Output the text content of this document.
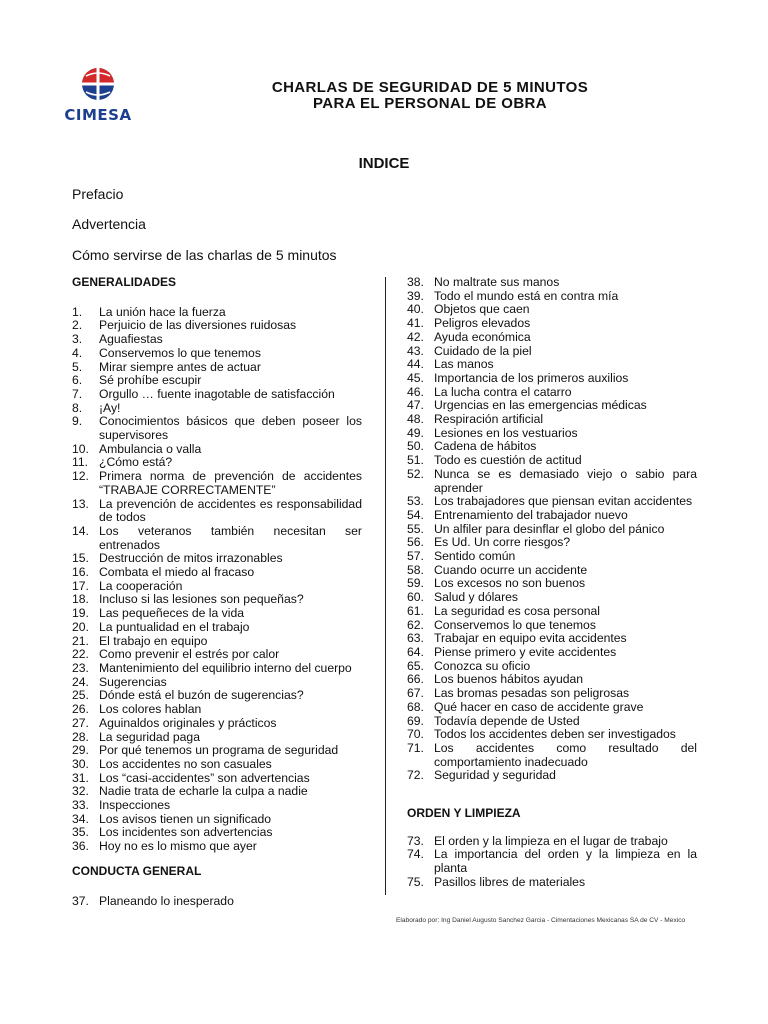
CIMESA
CHARLAS DE SEGURIDAD DE 5 MINUTOS
PARA EL PERSONAL DE OBRA
INDICE
Prefacio
Advertencia
Cómo servirse de las charlas de 5 minutos
GENERALIDADES
1.	La unión hace la fuerza
2.	Perjuicio de las diversiones ruidosas
3.	Aguafiestas
4.	Conservemos lo que tenemos
5.	Mirar siempre antes de actuar
6.	Sé prohíbe escupir
7.	Orgullo … fuente inagotable de satisfacción
8.	¡Ay!
9.	Conocimientos básicos que deben poseer los supervisores
10. Ambulancia o valla
11. ¿Cómo está?
12. Primera norma de prevención de accidentes “TRABAJE CORRECTAMENTE”
13. La prevención de accidentes es responsabilidad de todos
14. Los veteranos también necesitan ser entrenados
15. Destrucción de mitos irrazonables
16. Combata el miedo al fracaso
17. La cooperación
18. Incluso si las lesiones son pequeñas?
19. Las pequeñeces de la vida
20. La puntualidad en el trabajo
21. El trabajo en equipo
22. Como prevenir el estrés por calor
23. Mantenimiento del equilibrio interno del cuerpo
24. Sugerencias
25. Dónde está el buzón de sugerencias?
26. Los colores hablan
27. Aguinaldos originales y prácticos
28. La seguridad paga
29. Por qué tenemos un programa de seguridad
30. Los accidentes no son casuales
31. Los “casi-accidentes” son advertencias
32. Nadie trata de echarle la culpa a nadie
33. Inspecciones
34. Los avisos tienen un significado
35. Los incidentes son advertencias
36. Hoy no es lo mismo que ayer
CONDUCTA GENERAL
37. Planeando lo inesperado
38. No maltrate sus manos
39. Todo el mundo está en contra mía
40. Objetos que caen
41. Peligros elevados
42. Ayuda económica
43. Cuidado de la piel
44. Las manos
45. Importancia de los primeros auxilios
46. La lucha contra el catarro
47. Urgencias en las emergencias médicas
48. Respiración artificial
49. Lesiones en los vestuarios
50. Cadena de hábitos
51. Todo es cuestión de actitud
52. Nunca se es demasiado viejo o sabio para aprender
53. Los trabajadores que piensan evitan accidentes
54. Entrenamiento del trabajador nuevo
55. Un alfiler para desinflar el globo del pánico
56. Es Ud. Un corre riesgos?
57. Sentido común
58. Cuando ocurre un accidente
59. Los excesos no son buenos
60. Salud y dólares
61. La seguridad es cosa personal
62. Conservemos lo que tenemos
63. Trabajar en equipo evita accidentes
64. Piense primero y evite accidentes
65. Conozca su oficio
66. Los buenos hábitos ayudan
67. Las bromas pesadas son peligrosas
68. Qué hacer en caso de accidente grave
69. Todavía depende de Usted
70. Todos los accidentes deben ser investigados
71. Los accidentes como resultado del comportamiento inadecuado
72. Seguridad y seguridad
ORDEN Y LIMPIEZA
73. El orden y la limpieza en el lugar de trabajo
74. La importancia del orden y la limpieza en la planta
75. Pasillos libres de materiales
Elaborado por: Ing Daniel Augusto Sanchez Garcia - Cimentaciones Mexicanas SA de CV - Mexico
